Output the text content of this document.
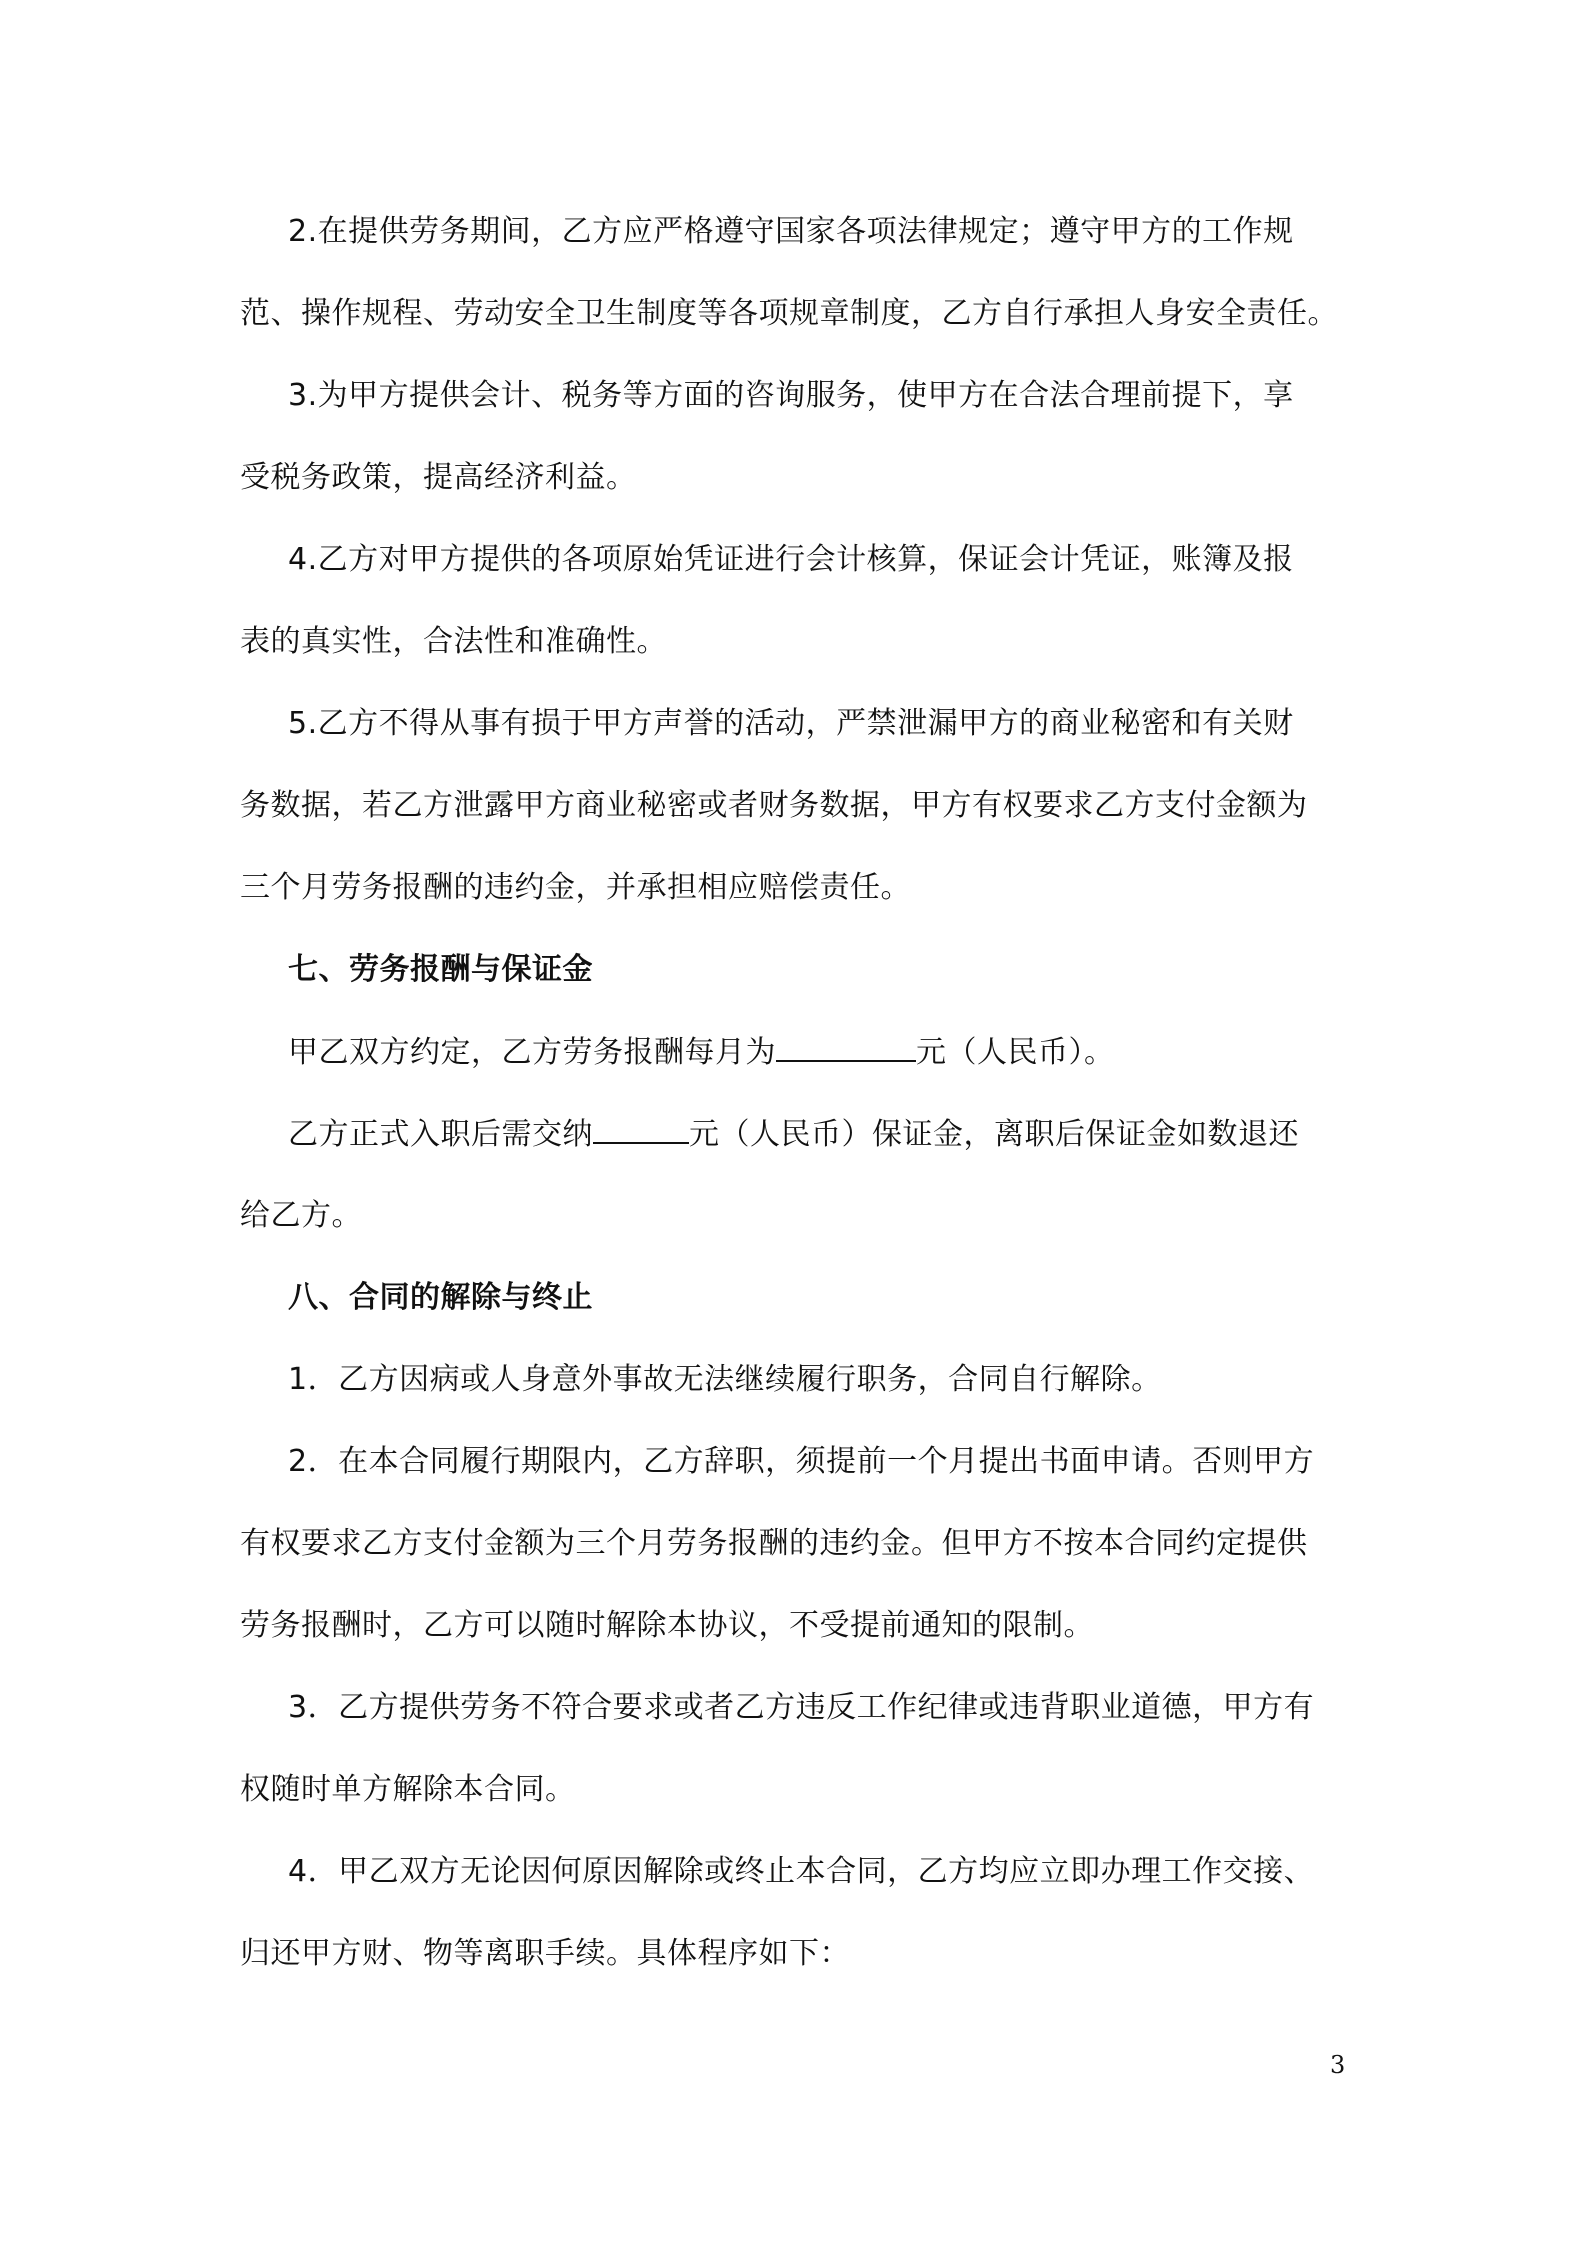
2.在提供劳务期间，乙方应严格遵守国家各项法律规定；遵守甲方的工作规
范、操作规程、劳动安全卫生制度等各项规章制度，乙方自行承担人身安全责任。
3.为甲方提供会计、税务等方面的咨询服务，使甲方在合法合理前提下，享
受税务政策，提高经济利益。
4.乙方对甲方提供的各项原始凭证进行会计核算，保证会计凭证，账簿及报
表的真实性，合法性和准确性。
5.乙方不得从事有损于甲方声誉的活动，严禁泄漏甲方的商业秘密和有关财
务数据，若乙方泄露甲方商业秘密或者财务数据，甲方有权要求乙方支付金额为
三个月劳务报酬的违约金，并承担相应赔偿责任。
七、劳务报酬与保证金
甲乙双方约定，乙方劳务报酬每月为	元（人民币）。
乙方正式入职后需交纳	元（人民币）保证金，离职后保证金如数退还
给乙方。
八、合同的解除与终止
1．乙方因病或人身意外事故无法继续履行职务，合同自行解除。
2．在本合同履行期限内，乙方辞职，须提前一个月提出书面申请。否则甲方
有权要求乙方支付金额为三个月劳务报酬的违约金。但甲方不按本合同约定提供
劳务报酬时，乙方可以随时解除本协议，不受提前通知的限制。
3．乙方提供劳务不符合要求或者乙方违反工作纪律或违背职业道德，甲方有
权随时单方解除本合同。
4．甲乙双方无论因何原因解除或终止本合同，乙方均应立即办理工作交接、
归还甲方财、物等离职手续。具体程序如下：
3
